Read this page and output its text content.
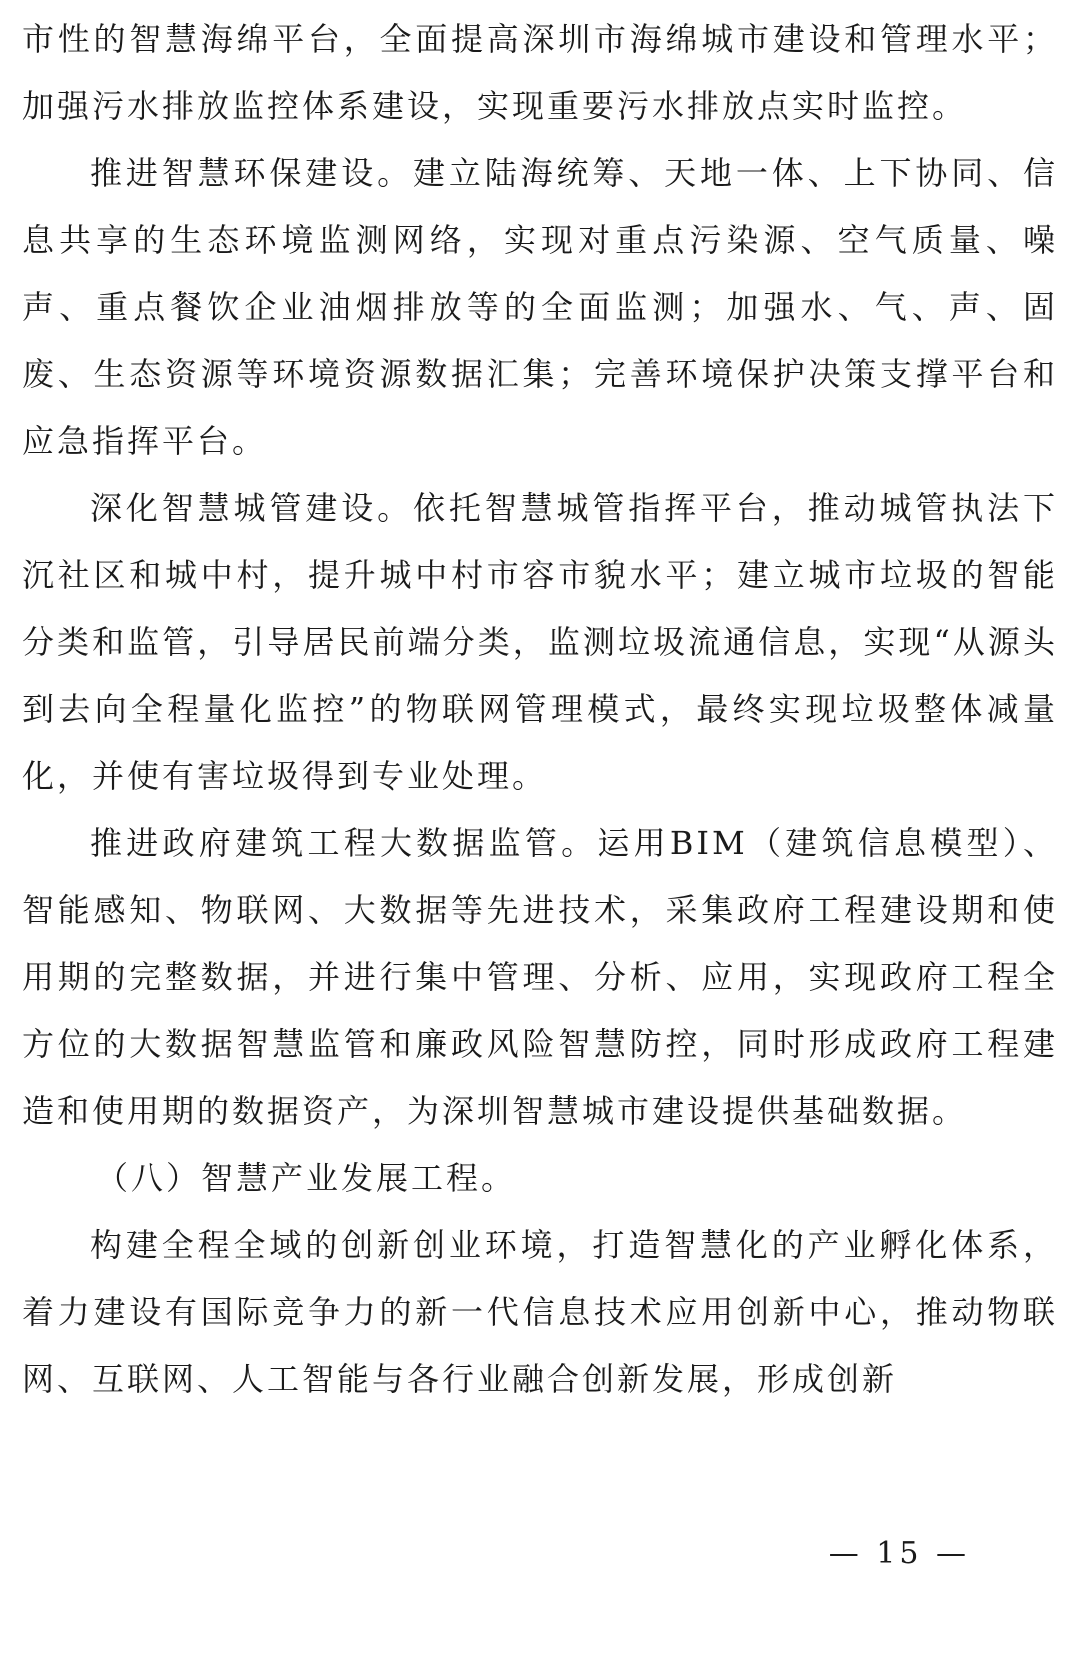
市性的智慧海绵平台，全面提高深圳市海绵城市建设和管理水平；加强污水排放监控体系建设，实现重要污水排放点实时监控。

推进智慧环保建设。建立陆海统筹、天地一体、上下协同、信息共享的生态环境监测网络，实现对重点污染源、空气质量、噪声、重点餐饮企业油烟排放等的全面监测；加强水、气、声、固废、生态资源等环境资源数据汇集；完善环境保护决策支撑平台和应急指挥平台。

深化智慧城管建设。依托智慧城管指挥平台，推动城管执法下沉社区和城中村，提升城中村市容市貌水平；建立城市垃圾的智能分类和监管，引导居民前端分类，监测垃圾流通信息，实现“从源头到去向全程量化监控”的物联网管理模式，最终实现垃圾整体减量化，并使有害垃圾得到专业处理。

推进政府建筑工程大数据监管。运用BIM（建筑信息模型）、智能感知、物联网、大数据等先进技术，采集政府工程建设期和使用期的完整数据，并进行集中管理、分析、应用，实现政府工程全方位的大数据智慧监管和廉政风险智慧防控，同时形成政府工程建造和使用期的数据资产，为深圳智慧城市建设提供基础数据。

（八）智慧产业发展工程。

构建全程全域的创新创业环境，打造智慧化的产业孵化体系，着力建设有国际竞争力的新一代信息技术应用创新中心，推动物联网、互联网、人工智能与各行业融合创新发展，形成创新

— 15 —
